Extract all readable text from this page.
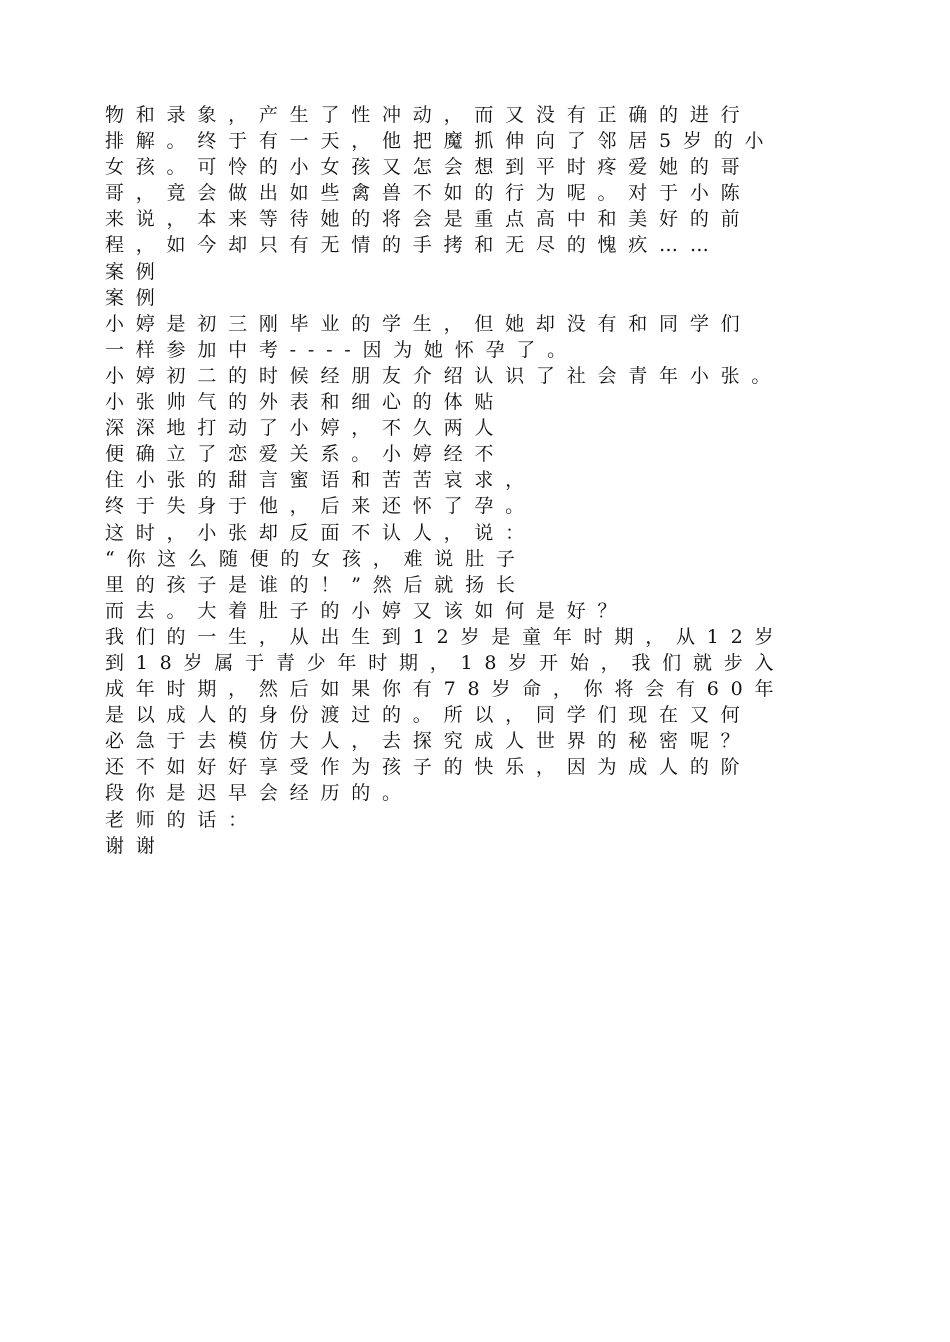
物和录象，产生了性冲动，而又没有正确的进行
排解。终于有一天，他把魔抓伸向了邻居5岁的小
女孩。可怜的小女孩又怎会想到平时疼爱她的哥
哥，竟会做出如些禽兽不如的行为呢。对于小陈
来说，本来等待她的将会是重点高中和美好的前
程，如今却只有无情的手拷和无尽的愧疚……
案例
案例
小婷是初三刚毕业的学生，但她却没有和同学们
一样参加中考----因为她怀孕了。
小婷初二的时候经朋友介绍认识了社会青年小张。
小张帅气的外表和细心的体贴
深深地打动了小婷，不久两人
便确立了恋爱关系。小婷经不
住小张的甜言蜜语和苦苦哀求，
终于失身于他，后来还怀了孕。
这时，小张却反面不认人，说：
“你这么随便的女孩，难说肚子
里的孩子是谁的！”然后就扬长
而去。大着肚子的小婷又该如何是好？
我们的一生，从出生到12岁是童年时期，从12岁
到18岁属于青少年时期，18岁开始，我们就步入
成年时期，然后如果你有78岁命，你将会有60年
是以成人的身份渡过的。所以，同学们现在又何
必急于去模仿大人，去探究成人世界的秘密呢？
还不如好好享受作为孩子的快乐，因为成人的阶
段你是迟早会经历的。
老师的话：
谢谢
